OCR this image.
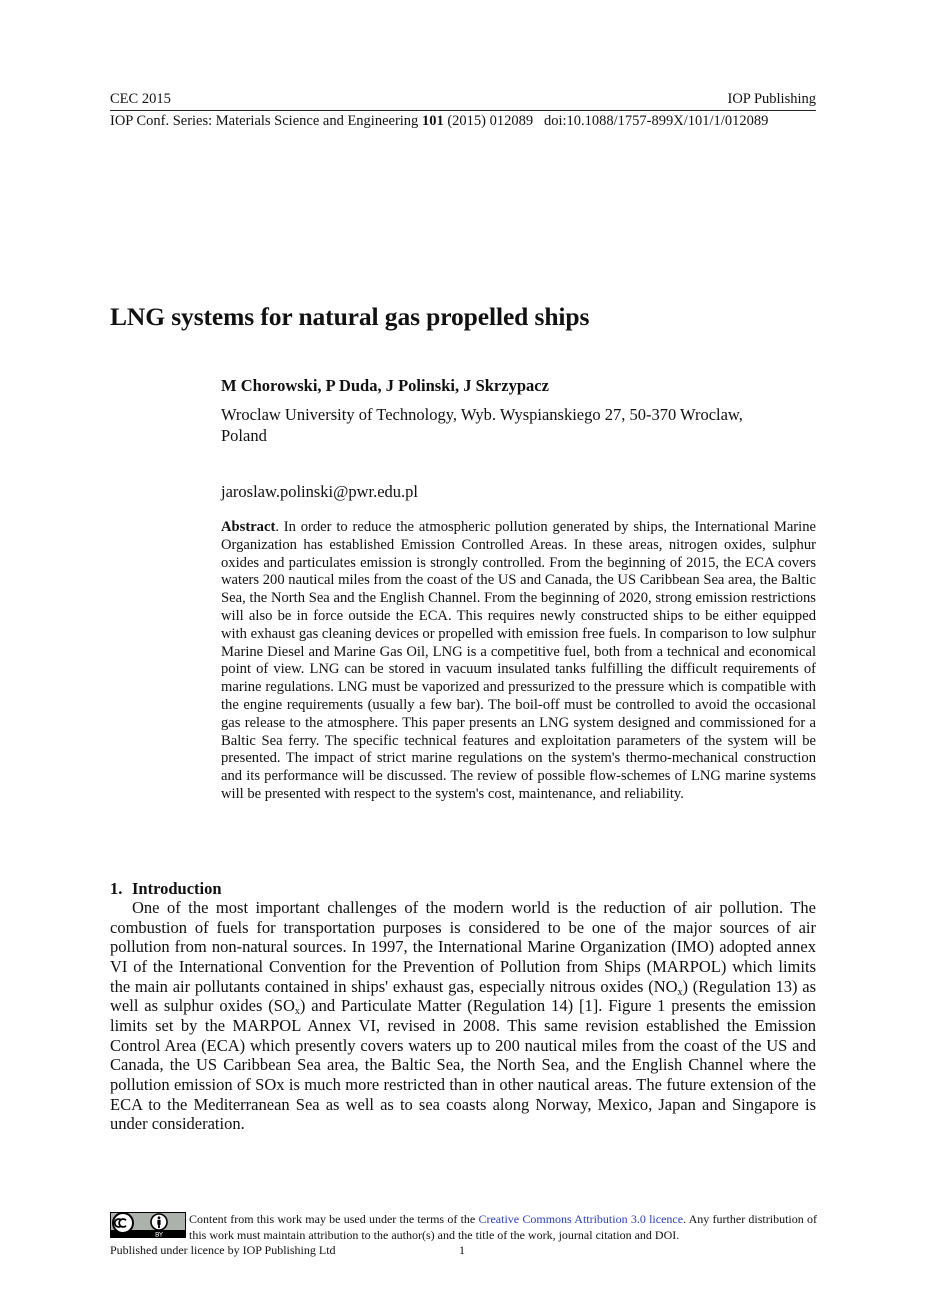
CEC 2015	IOP Publishing
IOP Conf. Series: Materials Science and Engineering 101 (2015) 012089   doi:10.1088/1757-899X/101/1/012089
LNG systems for natural gas propelled ships
M Chorowski, P Duda, J Polinski, J Skrzypacz
Wroclaw University of Technology, Wyb. Wyspianskiego 27, 50-370 Wroclaw, Poland
jaroslaw.polinski@pwr.edu.pl
Abstract. In order to reduce the atmospheric pollution generated by ships, the International Marine Organization has established Emission Controlled Areas. In these areas, nitrogen oxides, sulphur oxides and particulates emission is strongly controlled. From the beginning of 2015, the ECA covers waters 200 nautical miles from the coast of the US and Canada, the US Caribbean Sea area, the Baltic Sea, the North Sea and the English Channel. From the beginning of 2020, strong emission restrictions will also be in force outside the ECA. This requires newly constructed ships to be either equipped with exhaust gas cleaning devices or propelled with emission free fuels. In comparison to low sulphur Marine Diesel and Marine Gas Oil, LNG is a competitive fuel, both from a technical and economical point of view. LNG can be stored in vacuum insulated tanks fulfilling the difficult requirements of marine regulations. LNG must be vaporized and pressurized to the pressure which is compatible with the engine requirements (usually a few bar). The boil-off must be controlled to avoid the occasional gas release to the atmosphere. This paper presents an LNG system designed and commissioned for a Baltic Sea ferry. The specific technical features and exploitation parameters of the system will be presented. The impact of strict marine regulations on the system's thermo-mechanical construction and its performance will be discussed. The review of possible flow-schemes of LNG marine systems will be presented with respect to the system's cost, maintenance, and reliability.
1. Introduction
One of the most important challenges of the modern world is the reduction of air pollution. The combustion of fuels for transportation purposes is considered to be one of the major sources of air pollution from non-natural sources. In 1997, the International Marine Organization (IMO) adopted annex VI of the International Convention for the Prevention of Pollution from Ships (MARPOL) which limits the main air pollutants contained in ships' exhaust gas, especially nitrous oxides $(NO_x)$ (Regulation 13) as well as sulphur oxides $(SO_x)$ and Particulate Matter (Regulation 14) [1]. Figure 1 presents the emission limits set by the MARPOL Annex VI, revised in 2008. This same revision established the Emission Control Area (ECA) which presently covers waters up to 200 nautical miles from the coast of the US and Canada, the US Caribbean Sea area, the Baltic Sea, the North Sea, and the English Channel where the pollution emission of SOx is much more restricted than in other nautical areas. The future extension of the ECA to the Mediterranean Sea as well as to sea coasts along Norway, Mexico, Japan and Singapore is under consideration.
BY
Content from this work may be used under the terms of the Creative Commons Attribution 3.0 licence. Any further distribution of this work must maintain attribution to the author(s) and the title of the work, journal citation and DOI.
Published under licence by IOP Publishing Ltd	1
